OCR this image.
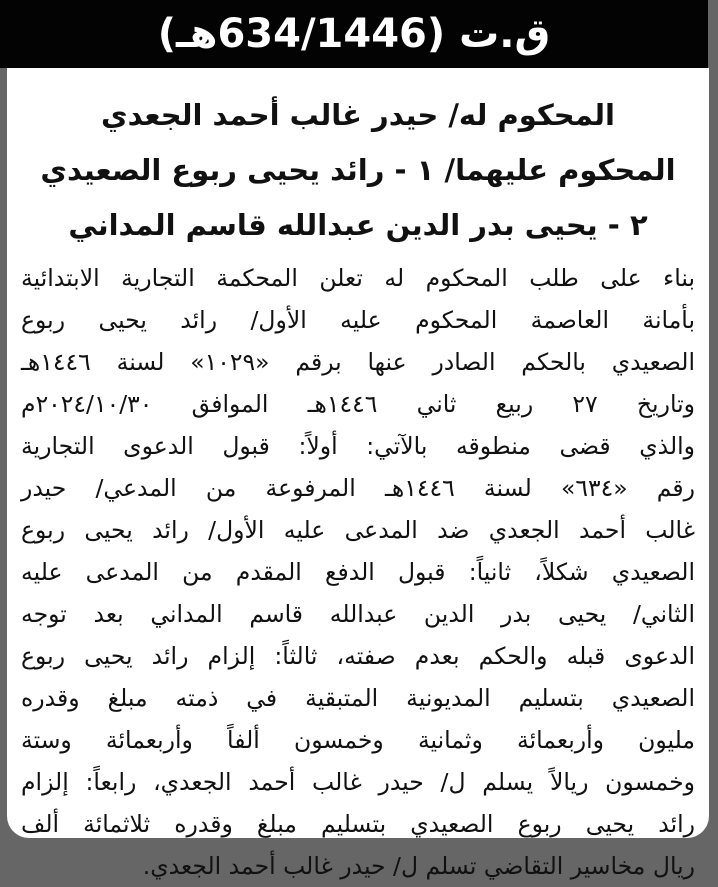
ق.ت (634/1446هـ)
المحكوم له/ حيدر غالب أحمد الجعدي
المحكوم عليهما/ ١ - رائد يحيى ربوع الصعيدي
٢ - يحيى بدر الدين عبدالله قاسم المداني
بناء على طلب المحكوم له تعلن المحكمة التجارية الابتدائية
بأمانة العاصمة المحكوم عليه الأول/ رائد يحيى ربوع
الصعيدي بالحكم الصادر عنها برقم «١٠٢٩» لسنة ١٤٤٦هـ
وتاريخ ٢٧ ربيع ثاني ١٤٤٦هـ الموافق ٢٠٢٤/١٠/٣٠م
والذي قضى منطوقه بالآتي: أولاً: قبول الدعوى التجارية
رقم «٦٣٤» لسنة ١٤٤٦هـ المرفوعة من المدعي/ حيدر
غالب أحمد الجعدي ضد المدعى عليه الأول/ رائد يحيى ربوع
الصعيدي شكلاً، ثانياً: قبول الدفع المقدم من المدعى عليه
الثاني/ يحيى بدر الدين عبدالله قاسم المداني بعد توجه
الدعوى قبله والحكم بعدم صفته، ثالثاً: إلزام رائد يحيى ربوع
الصعيدي بتسليم المديونية المتبقية في ذمته مبلغ وقدره
مليون وأربعمائة وثمانية وخمسون ألفاً وأربعمائة وستة
وخمسون ريالاً يسلم ل/ حيدر غالب أحمد الجعدي، رابعاً: إلزام
رائد يحيى ربوع الصعيدي بتسليم مبلغ وقدره ثلاثمائة ألف
ريال مخاسير التقاضي تسلم ل/ حيدر غالب أحمد الجعدي.
